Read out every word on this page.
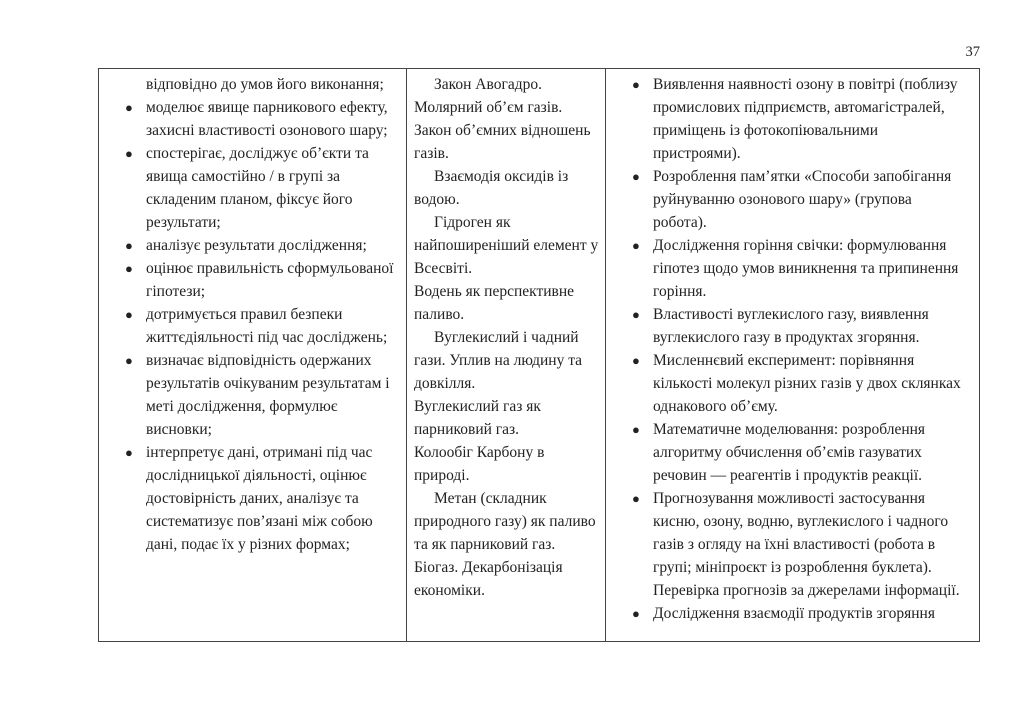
37
відповідно до умов його виконання;
● моделює явище парникового ефекту, захисні властивості озонового шару;
● спостерігає, досліджує об’єкти та явища самостійно / в групі за складеним планом, фіксує його результати;
● аналізує результати дослідження;
● оцінює правильність сформульованої гіпотези;
● дотримується правил безпеки життєдіяльності під час досліджень;
● визначає відповідність одержаних результатів очікуваним результатам і меті дослідження, формулює висновки;
● інтерпретує дані, отримані під час дослідницької діяльності, оцінює достовірність даних, аналізує та систематизує пов’язані між собою дані, подає їх у різних формах;

Закон Авогадро.

Молярний об’єм газів.

Закон об’ємних відношень газів.

Взаємодія оксидів із водою.

Гідроген як найпоширеніший елемент у Всесвіті.

Водень як перспективне паливо.

Вуглекислий і чадний гази. Уплив на людину та довкілля.

Вуглекислий газ як парниковий газ.

Колообіг Карбону в природі.

Метан (складник природного газу) як паливо та як парниковий газ.

Біогаз. Декарбонізація економіки.

● Виявлення наявності озону в повітрі (поблизу промислових підприємств, автомагістралей, приміщень із фотокопіювальними пристроями).
● Розроблення пам’ятки «Способи запобігання руйнуванню озонового шару» (групова робота).
● Дослідження горіння свічки: формулювання гіпотез щодо умов виникнення та припинення горіння.
● Властивості вуглекислого газу, виявлення вуглекислого газу в продуктах згоряння.
● Мисленнєвий експеримент: порівняння кількості молекул різних газів у двох склянках однакового об’єму.
● Математичне моделювання: розроблення алгоритму обчислення об’ємів газуватих речовин — реагентів і продуктів реакції.
● Прогнозування можливості застосування кисню, озону, водню, вуглекислого і чадного газів з огляду на їхні властивості (робота в групі; мініпроєкт із розроблення буклета). Перевірка прогнозів за джерелами інформації.
● Дослідження взаємодії продуктів згоряння
